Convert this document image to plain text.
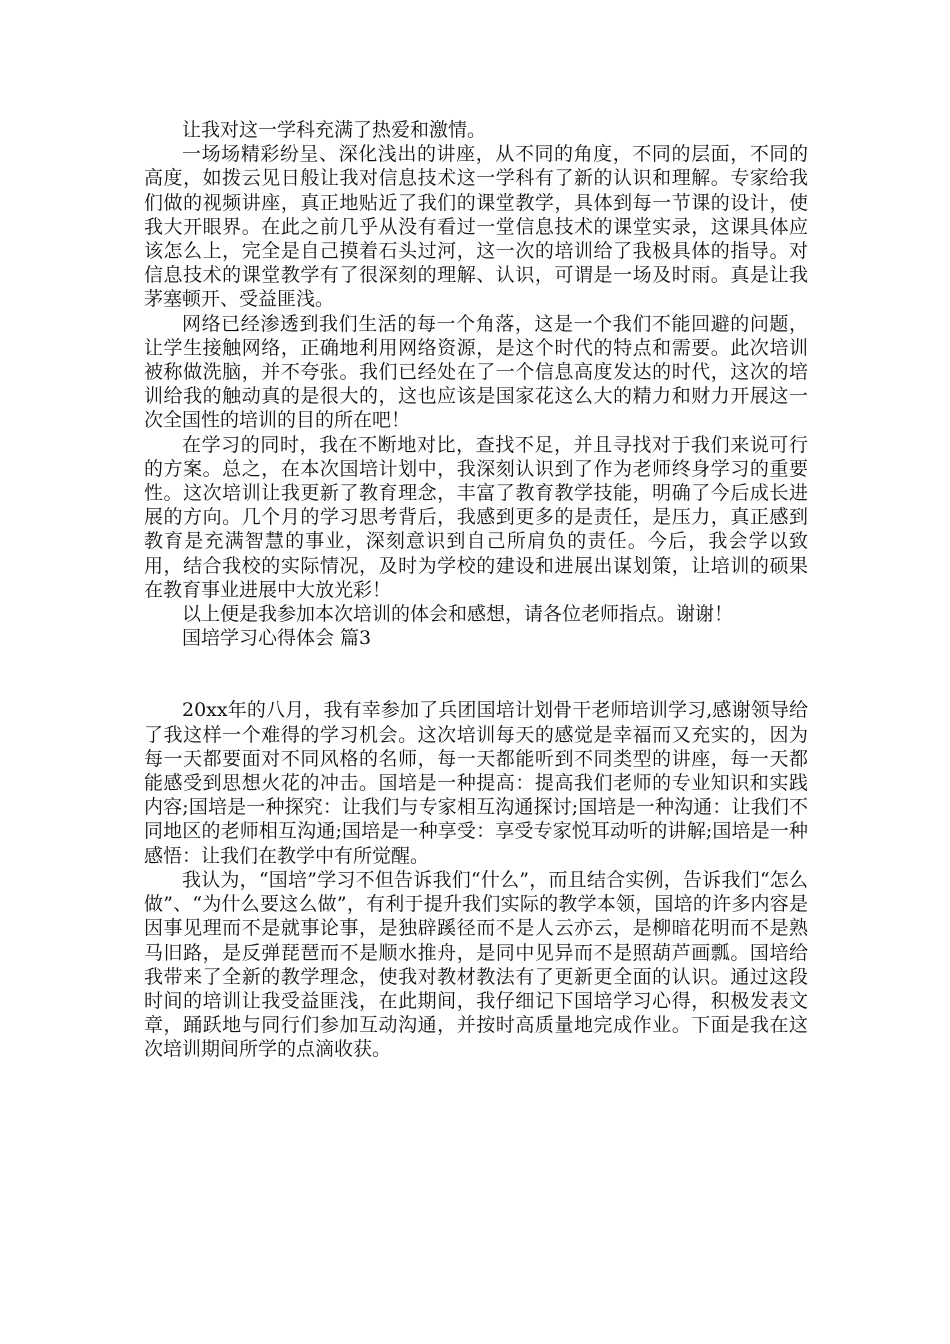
让我对这一学科充满了热爱和激情。

一场场精彩纷呈、深化浅出的讲座，从不同的角度，不同的层面，不同的高度，如拨云见日般让我对信息技术这一学科有了新的认识和理解。专家给我们做的视频讲座，真正地贴近了我们的课堂教学，具体到每一节课的设计，使我大开眼界。在此之前几乎从没有看过一堂信息技术的课堂实录，这课具体应该怎么上，完全是自己摸着石头过河，这一次的培训给了我极具体的指导。对信息技术的课堂教学有了很深刻的理解、认识，可谓是一场及时雨。真是让我茅塞顿开、受益匪浅。

网络已经渗透到我们生活的每一个角落，这是一个我们不能回避的问题，让学生接触网络，正确地利用网络资源，是这个时代的特点和需要。此次培训被称做洗脑，并不夸张。我们已经处在了一个信息高度发达的时代，这次的培训给我的触动真的是很大的，这也应该是国家花这么大的精力和财力开展这一次全国性的培训的目的所在吧！

在学习的同时，我在不断地对比，查找不足，并且寻找对于我们来说可行的方案。总之，在本次国培计划中，我深刻认识到了作为老师终身学习的重要性。这次培训让我更新了教育理念，丰富了教育教学技能，明确了今后成长进展的方向。几个月的学习思考背后，我感到更多的是责任，是压力，真正感到教育是充满智慧的事业，深刻意识到自己所肩负的责任。今后，我会学以致用，结合我校的实际情况，及时为学校的建设和进展出谋划策，让培训的硕果在教育事业进展中大放光彩！

以上便是我参加本次培训的体会和感想，请各位老师指点。谢谢！

国培学习心得体会 篇3

20xx年的八月，我有幸参加了兵团国培计划骨干老师培训学习,感谢领导给了我这样一个难得的学习机会。这次培训每天的感觉是幸福而又充实的，因为每一天都要面对不同风格的名师，每一天都能听到不同类型的讲座，每一天都能感受到思想火花的冲击。国培是一种提高：提高我们老师的专业知识和实践内容;国培是一种探究：让我们与专家相互沟通探讨;国培是一种沟通：让我们不同地区的老师相互沟通;国培是一种享受：享受专家悦耳动听的讲解;国培是一种感悟：让我们在教学中有所觉醒。

我认为，“国培”学习不但告诉我们“什么”，而且结合实例，告诉我们“怎么做”、“为什么要这么做”，有利于提升我们实际的教学本领，国培的许多内容是因事见理而不是就事论事，是独辟蹊径而不是人云亦云，是柳暗花明而不是熟马旧路，是反弹琵琶而不是顺水推舟，是同中见异而不是照葫芦画瓢。国培给我带来了全新的教学理念，使我对教材教法有了更新更全面的认识。通过这段时间的培训让我受益匪浅，在此期间，我仔细记下国培学习心得，积极发表文章，踊跃地与同行们参加互动沟通，并按时高质量地完成作业。下面是我在这次培训期间所学的点滴收获。
